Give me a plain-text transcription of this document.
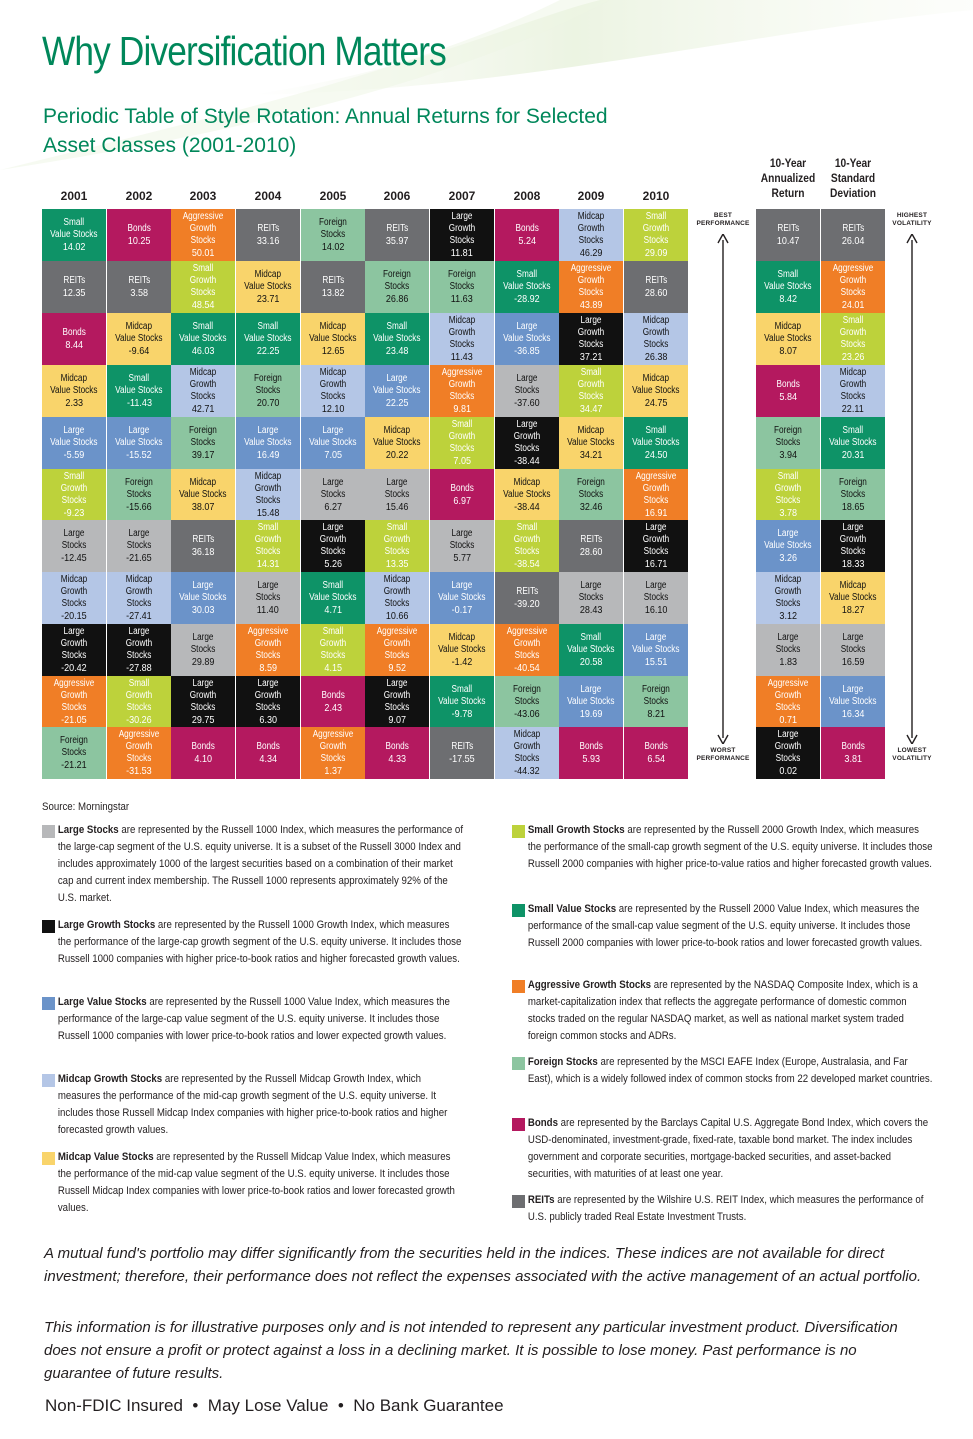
Why Diversification Matters
Periodic Table of Style Rotation: Annual Returns for Selected Asset Classes (2001-2010)
2001
Small
Value Stocks
14.02
REITs
12.35
Bonds
8.44
Midcap
Value Stocks
2.33
Large
Value Stocks
-5.59
Small
Growth Stocks
-9.23
Large
Stocks
-12.45
Midcap
Growth Stocks
-20.15
Large
Growth Stocks
-20.42
Aggressive
Growth Stocks
-21.05
Foreign
Stocks
-21.21
2002
Bonds
10.25
REITs
3.58
Midcap
Value Stocks
-9.64
Small
Value Stocks
-11.43
Large
Value Stocks
-15.52
Foreign
Stocks
-15.66
Large
Stocks
-21.65
Midcap
Growth Stocks
-27.41
Large
Growth Stocks
-27.88
Small
Growth Stocks
-30.26
Aggressive
Growth Stocks
-31.53
2003
Aggressive
Growth Stocks
50.01
Small
Growth Stocks
48.54
Small
Value Stocks
46.03
Midcap
Growth Stocks
42.71
Foreign
Stocks
39.17
Midcap
Value Stocks
38.07
REITs
36.18
Large
Value Stocks
30.03
Large
Stocks
29.89
Large
Growth Stocks
29.75
Bonds
4.10
2004
REITs
33.16
Midcap
Value Stocks
23.71
Small
Value Stocks
22.25
Foreign
Stocks
20.70
Large
Value Stocks
16.49
Midcap
Growth Stocks
15.48
Small
Growth Stocks
14.31
Large
Stocks
11.40
Aggressive
Growth Stocks
8.59
Large
Growth Stocks
6.30
Bonds
4.34
2005
Foreign
Stocks
14.02
REITs
13.82
Midcap
Value Stocks
12.65
Midcap
Growth Stocks
12.10
Large
Value Stocks
7.05
Large
Stocks
6.27
Large
Growth Stocks
5.26
Small
Value Stocks
4.71
Small
Growth Stocks
4.15
Bonds
2.43
Aggressive
Growth Stocks
1.37
2006
REITs
35.97
Foreign
Stocks
26.86
Small
Value Stocks
23.48
Large
Value Stocks
22.25
Midcap
Value Stocks
20.22
Large
Stocks
15.46
Small
Growth Stocks
13.35
Midcap
Growth Stocks
10.66
Aggressive
Growth Stocks
9.52
Large
Growth Stocks
9.07
Bonds
4.33
2007
Large
Growth Stocks
11.81
Foreign
Stocks
11.63
Midcap
Growth Stocks
11.43
Aggressive
Growth Stocks
9.81
Small
Growth Stocks
7.05
Bonds
6.97
Large
Stocks
5.77
Large
Value Stocks
-0.17
Midcap
Value Stocks
-1.42
Small
Value Stocks
-9.78
REITs
-17.55
2008
Bonds
5.24
Small
Value Stocks
-28.92
Large
Value Stocks
-36.85
Large
Stocks
-37.60
Large
Growth Stocks
-38.44
Midcap
Value Stocks
-38.44
Small
Growth Stocks
-38.54
REITs
-39.20
Aggressive
Growth Stocks
-40.54
Foreign
Stocks
-43.06
Midcap
Growth Stocks
-44.32
2009
Midcap
Growth Stocks
46.29
Aggressive
Growth Stocks
43.89
Large
Growth Stocks
37.21
Small
Growth Stocks
34.47
Midcap
Value Stocks
34.21
Foreign
Stocks
32.46
REITs
28.60
Large
Stocks
28.43
Small
Value Stocks
20.58
Large
Value Stocks
19.69
Bonds
5.93
2010
Small
Growth Stocks
29.09
REITs
28.60
Midcap
Growth Stocks
26.38
Midcap
Value Stocks
24.75
Small
Value Stocks
24.50
Aggressive
Growth Stocks
16.91
Large
Growth Stocks
16.71
Large
Stocks
16.10
Large
Value Stocks
15.51
Foreign
Stocks
8.21
Bonds
6.54
10-Year
Annualized
Return
10-Year
Standard
Deviation
REITs
10.47
Small
Value Stocks
8.42
Midcap
Value Stocks
8.07
Bonds
5.84
Foreign
Stocks
3.94
Small
Growth Stocks
3.78
Large
Value Stocks
3.26
Midcap
Growth Stocks
3.12
Large
Stocks
1.83
Aggressive
Growth Stocks
0.71
Large
Growth Stocks
0.02
REITs
26.04
Aggressive
Growth Stocks
24.01
Small
Growth Stocks
23.26
Midcap
Growth Stocks
22.11
Small
Value Stocks
20.31
Foreign
Stocks
18.65
Large
Growth Stocks
18.33
Midcap
Value Stocks
18.27
Large
Stocks
16.59
Large
Value Stocks
16.34
Bonds
3.81
BEST
PERFORMANCE
WORST
PERFORMANCE
HIGHEST
VOLATILITY
LOWEST
VOLATILITY
Source: Morningstar
Large Stocks are represented by the Russell 1000 Index, which measures the performance of the large-cap segment of the U.S. equity universe. It is a subset of the Russell 3000 Index and includes approximately 1000 of the largest securities based on a combination of their market cap and current index membership. The Russell 1000 represents approximately 92% of the U.S. market.
Large Growth Stocks are represented by the Russell 1000 Growth Index, which measures the performance of the large-cap growth segment of the U.S. equity universe. It includes those Russell 1000 companies with higher price-to-book ratios and higher forecasted growth values.
Large Value Stocks are represented by the Russell 1000 Value Index, which measures the performance of the large-cap value segment of the U.S. equity universe. It includes those Russell 1000 companies with lower price-to-book ratios and lower expected growth values.
Midcap Growth Stocks are represented by the Russell Midcap Growth Index, which measures the performance of the mid-cap growth segment of the U.S. equity universe. It includes those Russell Midcap Index companies with higher price-to-book ratios and higher forecasted growth values.
Midcap Value Stocks are represented by the Russell Midcap Value Index, which measures the performance of the mid-cap value segment of the U.S. equity universe. It includes those Russell Midcap Index companies with lower price-to-book ratios and lower forecasted growth values.
Small Growth Stocks are represented by the Russell 2000 Growth Index, which measures the performance of the small-cap growth segment of the U.S. equity universe. It includes those Russell 2000 companies with higher price-to-value ratios and higher forecasted growth values.
Small Value Stocks are represented by the Russell 2000 Value Index, which measures the performance of the small-cap value segment of the U.S. equity universe. It includes those Russell 2000 companies with lower price-to-book ratios and lower forecasted growth values.
Aggressive Growth Stocks are represented by the NASDAQ Composite Index, which is a market-capitalization index that reflects the aggregate performance of domestic common stocks traded on the regular NASDAQ market, as well as national market system traded foreign common stocks and ADRs.
Foreign Stocks are represented by the MSCI EAFE Index (Europe, Australasia, and Far East), which is a widely followed index of common stocks from 22 developed market countries.
Bonds are represented by the Barclays Capital U.S. Aggregate Bond Index, which covers the USD-denominated, investment-grade, fixed-rate, taxable bond market. The index includes government and corporate securities, mortgage-backed securities, and asset-backed securities, with maturities of at least one year.
REITs are represented by the Wilshire U.S. REIT Index, which measures the performance of U.S. publicly traded Real Estate Investment Trusts.
A mutual fund's portfolio may differ significantly from the securities held in the indices. These indices are not available for direct investment; therefore, their performance does not reflect the expenses associated with the active management of an actual portfolio.
This information is for illustrative purposes only and is not intended to represent any particular investment product. Diversification does not ensure a profit or protect against a loss in a declining market. It is possible to lose money. Past performance is no guarantee of future results.
Non-FDIC Insured  •  May Lose Value  •  No Bank Guarantee
